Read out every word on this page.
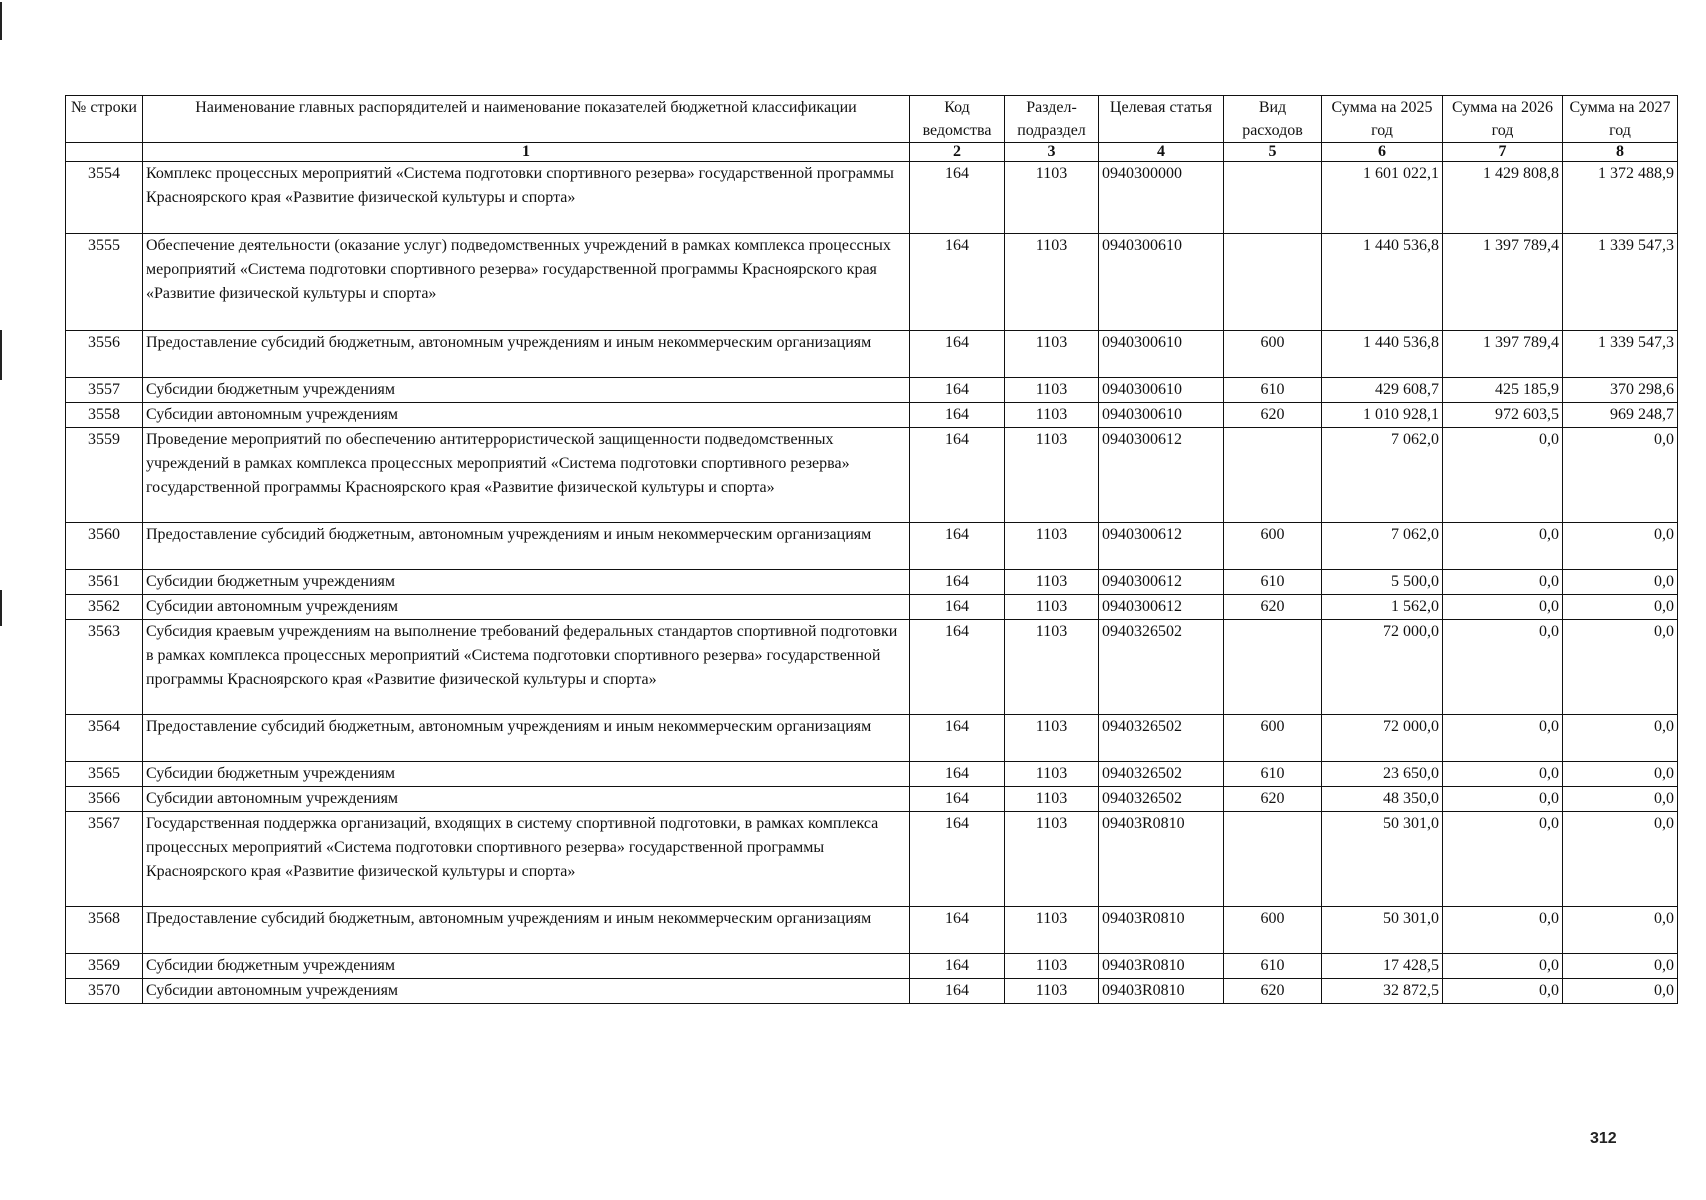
№ строки	Наименование главных распорядителей и наименование показателей бюджетной классификации	Код ведомства	Раздел-подраздел	Целевая статья	Вид расходов	Сумма на 2025 год	Сумма на 2026 год	Сумма на 2027 год
	1	2	3	4	5	6	7	8
3554	Комплекс процессных мероприятий «Система подготовки спортивного резерва» государственной программы Красноярского края «Развитие физической культуры и спорта»	164	1103	0940300000		1 601 022,1	1 429 808,8	1 372 488,9
3555	Обеспечение деятельности (оказание услуг) подведомственных учреждений в рамках комплекса процессных мероприятий «Система подготовки спортивного резерва» государственной программы Красноярского края «Развитие физической культуры и спорта»	164	1103	0940300610		1 440 536,8	1 397 789,4	1 339 547,3
3556	Предоставление субсидий бюджетным, автономным учреждениям и иным некоммерческим организациям	164	1103	0940300610	600	1 440 536,8	1 397 789,4	1 339 547,3
3557	Субсидии бюджетным учреждениям	164	1103	0940300610	610	429 608,7	425 185,9	370 298,6
3558	Субсидии автономным учреждениям	164	1103	0940300610	620	1 010 928,1	972 603,5	969 248,7
3559	Проведение мероприятий по обеспечению антитеррористической защищенности подведомственных учреждений в рамках комплекса процессных мероприятий «Система подготовки спортивного резерва» государственной программы Красноярского края «Развитие физической культуры и спорта»	164	1103	0940300612		7 062,0	0,0	0,0
3560	Предоставление субсидий бюджетным, автономным учреждениям и иным некоммерческим организациям	164	1103	0940300612	600	7 062,0	0,0	0,0
3561	Субсидии бюджетным учреждениям	164	1103	0940300612	610	5 500,0	0,0	0,0
3562	Субсидии автономным учреждениям	164	1103	0940300612	620	1 562,0	0,0	0,0
3563	Субсидия краевым учреждениям на выполнение требований федеральных стандартов спортивной подготовки в рамках комплекса процессных мероприятий «Система подготовки спортивного резерва» государственной программы Красноярского края «Развитие физической культуры и спорта»	164	1103	0940326502		72 000,0	0,0	0,0
3564	Предоставление субсидий бюджетным, автономным учреждениям и иным некоммерческим организациям	164	1103	0940326502	600	72 000,0	0,0	0,0
3565	Субсидии бюджетным учреждениям	164	1103	0940326502	610	23 650,0	0,0	0,0
3566	Субсидии автономным учреждениям	164	1103	0940326502	620	48 350,0	0,0	0,0
3567	Государственная поддержка организаций, входящих в систему спортивной подготовки, в рамках комплекса процессных мероприятий «Система подготовки спортивного резерва» государственной программы Красноярского края «Развитие физической культуры и спорта»	164	1103	09403R0810		50 301,0	0,0	0,0
3568	Предоставление субсидий бюджетным, автономным учреждениям и иным некоммерческим организациям	164	1103	09403R0810	600	50 301,0	0,0	0,0
3569	Субсидии бюджетным учреждениям	164	1103	09403R0810	610	17 428,5	0,0	0,0
3570	Субсидии автономным учреждениям	164	1103	09403R0810	620	32 872,5	0,0	0,0
312
